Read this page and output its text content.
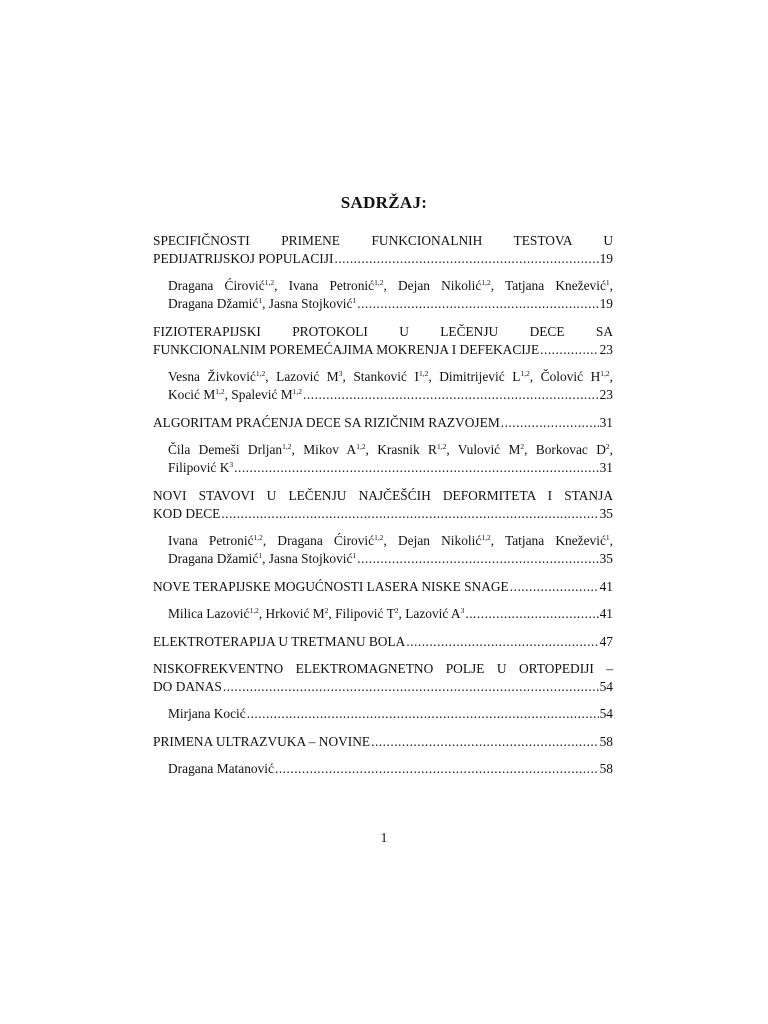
SADRŽAJ:
SPECIFIČNOSTI PRIMENE FUNKCIONALNIH TESTOVA U
PEDIJATRIJSKOJ POPULACIJI .....	19
Dragana Ćirović$^{1,2}$, Ivana Petronić$^{1,2}$, Dejan Nikolić$^{1,2}$, Tatjana Knežević$^1$,
Dragana Džamić$^1$, Jasna Stojković$^1$ .....	19
FIZIOTERAPIJSKI PROTOKOLI U LEČENJU DECE SA
FUNKCIONALNIM POREMEĆAJIMA MOKRENJA I DEFEKACIJE .....	23
Vesna Živković$^{1,2}$, Lazović $M^3$, Stanković I$^{1,2}$, Dimitrijević L$^{1,2}$, Čolović H$^{1,2}$,
Kocić M$^{1,2}$, Spalević M$^{1,2}$ .....	23
ALGORITAM PRAĆENJA DECE SA RIZIČNIM RAZVOJEM .....	31
Čila Demeši Drljan$^{1,2}$, Mikov A$^{1,2}$, Krasnik R$^{1,2}$, Vulović $M^2$, Borkovac $D^2$,
Filipović $K^3$ .....	31
NOVI STAVOVI U LEČENJU NAJČEŠĆIH DEFORMITETA I STANJA
KOD DECE .....	35
Ivana Petronić$^{1,2}$, Dragana Ćirović$^{1,2}$, Dejan Nikolić$^{1,2}$, Tatjana Knežević$^1$,
Dragana Džamić$^1$, Jasna Stojković$^1$ .....	35
NOVE TERAPIJSKE MOGUĆNOSTI LASERA NISKE SNAGE .....	41
Milica Lazović$^{1,2}$, Hrković $M^2$, Filipović $T^2$, Lazović $A^3$ .....	41
ELEKTROTERAPIJA U TRETMANU BOLA .....	47
NISKOFREKVENTNO ELEKTROMAGNETNO POLJE U ORTOPEDIJI –
DO DANAS .....	54
Mirjana Kocić .....	54
PRIMENA ULTRAZVUKA – NOVINE .....	58
Dragana Matanović .....	58
1
